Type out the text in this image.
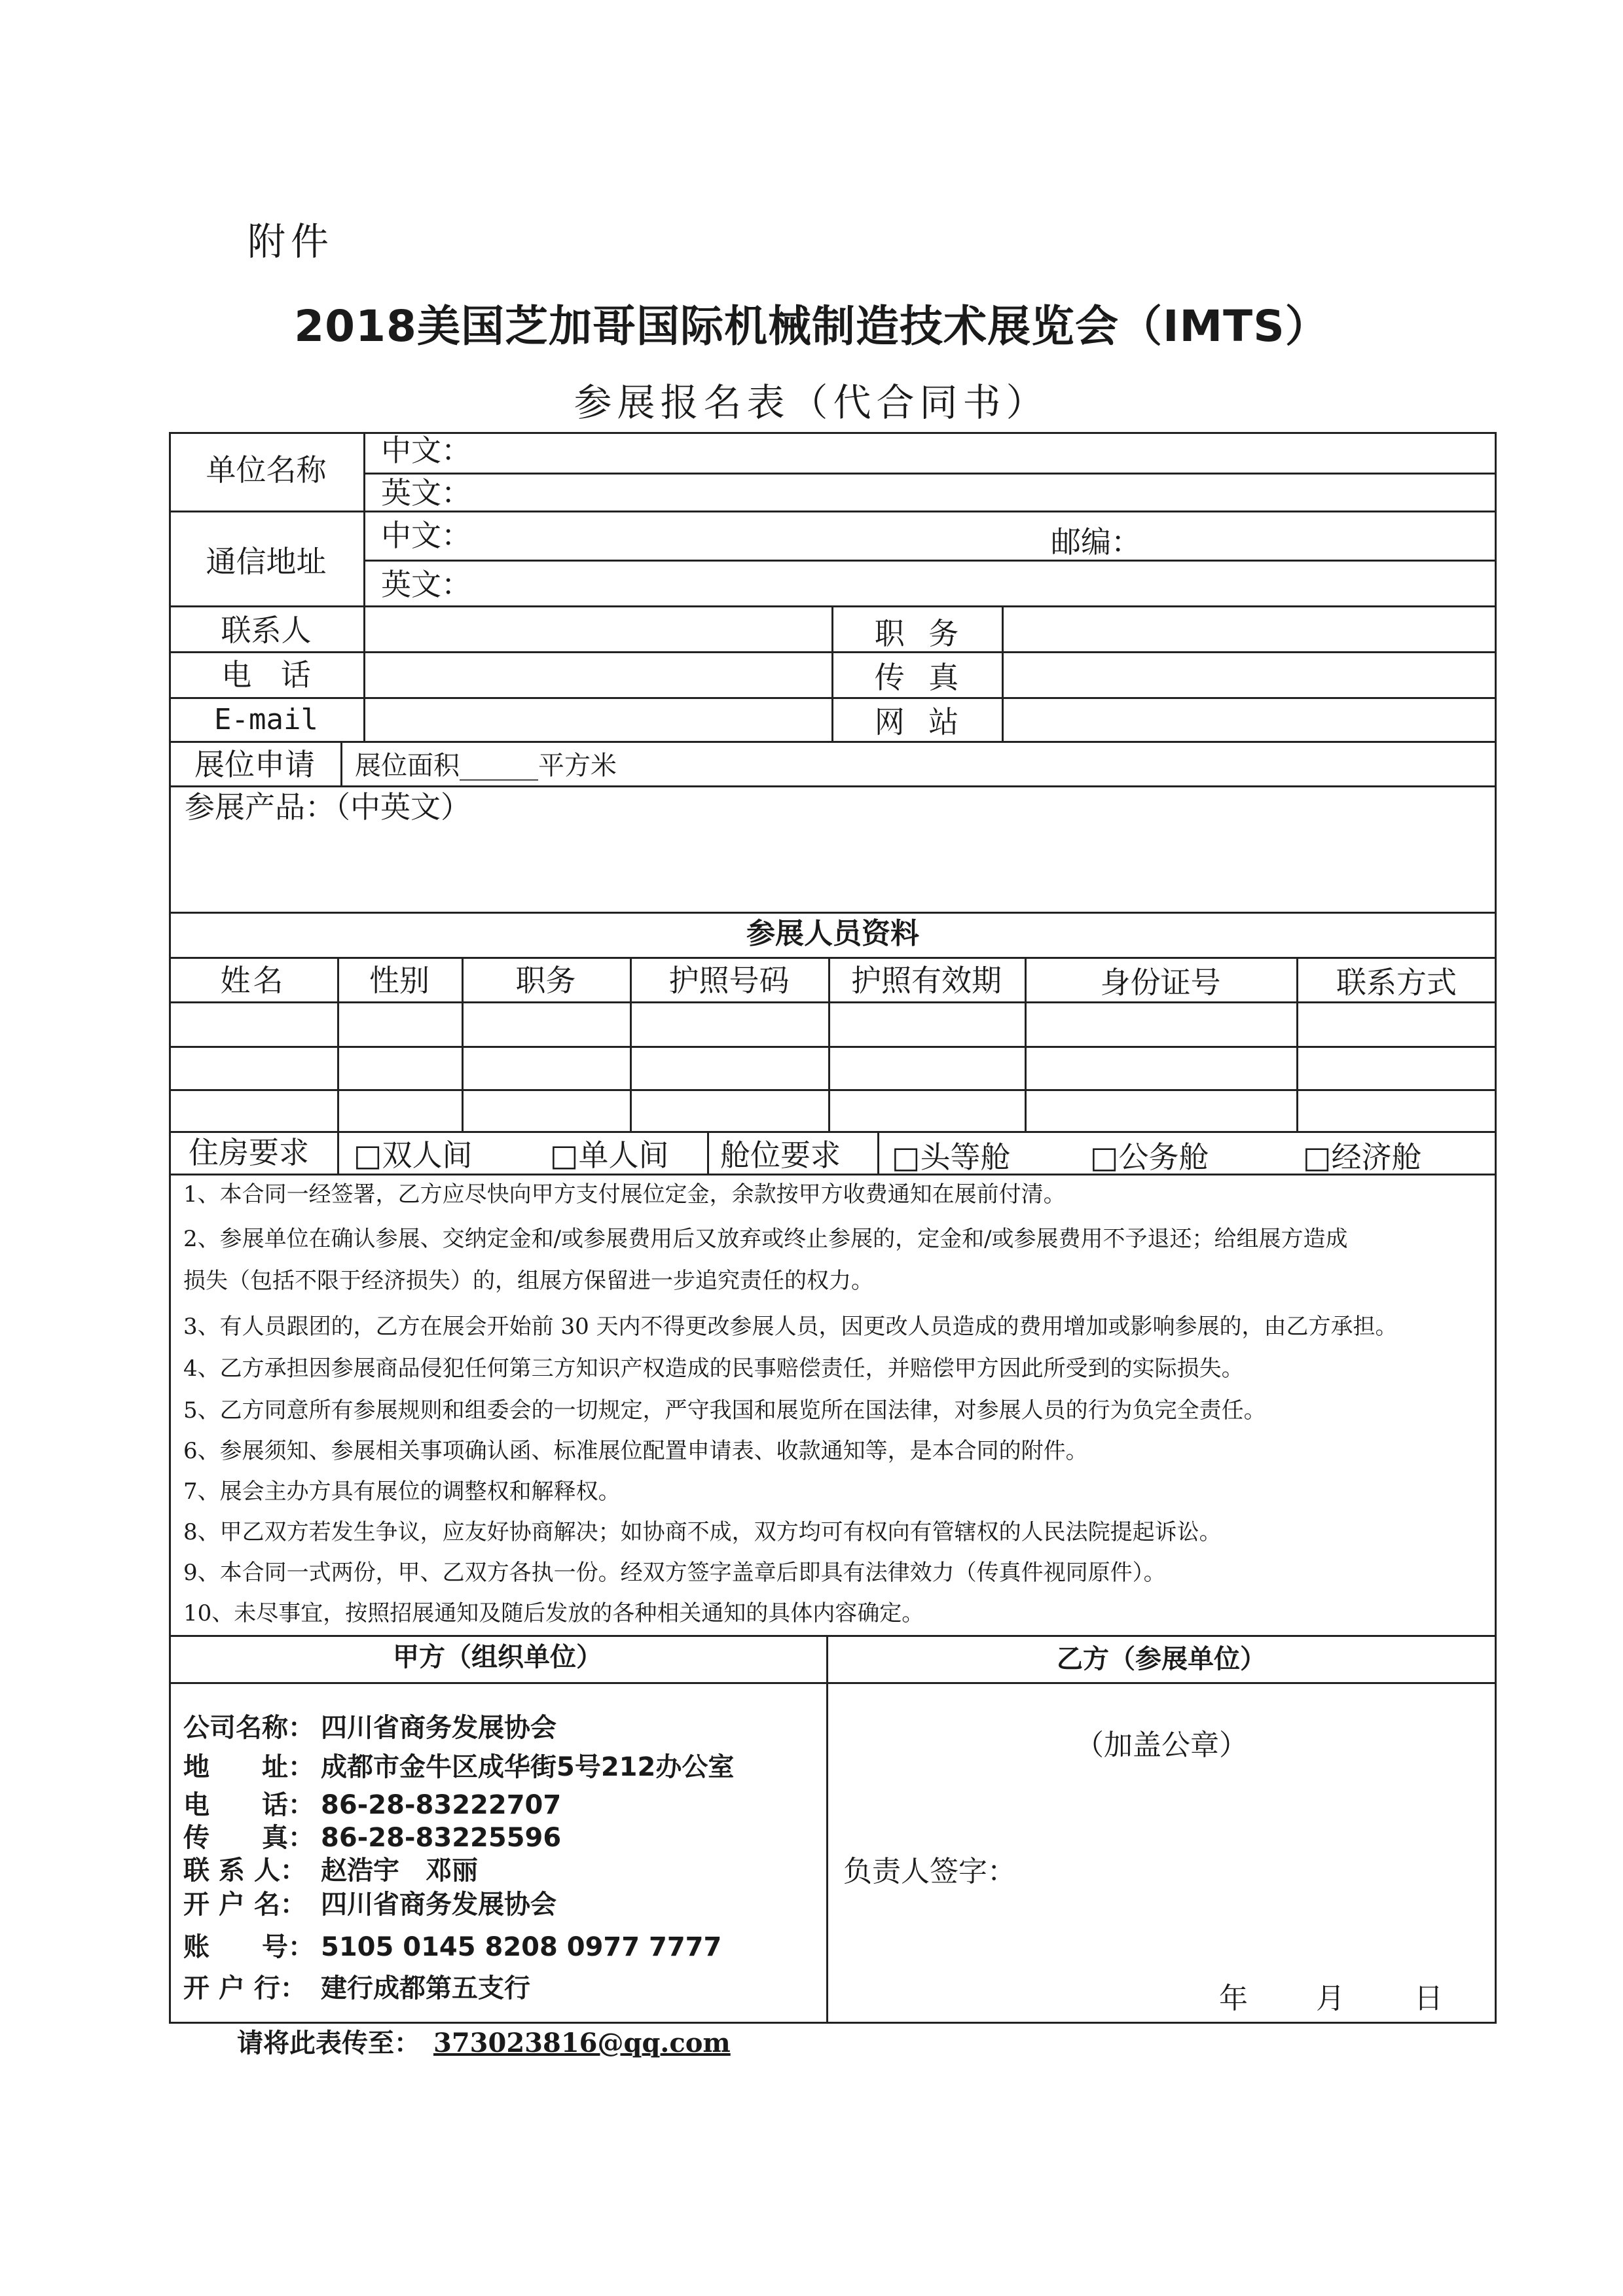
附件
2018美国芝加哥国际机械制造技术展览会（IMTS）
参展报名表（代合同书）
单位名称
中文：
英文：
通信地址
中文：	邮编：
英文：
联系人	职 务
电 话	传 真
E-mail	网 站
展位申请	展位面积______平方米
参展产品：（中英文）
参展人员资料
姓名	性别	职务	护照号码	护照有效期	身份证号	联系方式
住房要求 □双人间	□单人间 舱位要求 □头等舱	□公务舱	□经济舱
1、本合同一经签署，乙方应尽快向甲方支付展位定金，余款按甲方收费通知在展前付清。
2、参展单位在确认参展、交纳定金和/或参展费用后又放弃或终止参展的，定金和/或参展费用不予退还；给组展方造成
损失（包括不限于经济损失）的，组展方保留进一步追究责任的权力。
3、有人员跟团的，乙方在展会开始前 30 天内不得更改参展人员，因更改人员造成的费用增加或影响参展的，由乙方承担。
4、乙方承担因参展商品侵犯任何第三方知识产权造成的民事赔偿责任，并赔偿甲方因此所受到的实际损失。
5、乙方同意所有参展规则和组委会的一切规定，严守我国和展览所在国法律，对参展人员的行为负完全责任。
6、参展须知、参展相关事项确认函、标准展位配置申请表、收款通知等，是本合同的附件。
7、展会主办方具有展位的调整权和解释权。
8、甲乙双方若发生争议，应友好协商解决；如协商不成，双方均可有权向有管辖权的人民法院提起诉讼。
9、本合同一式两份，甲、乙双方各执一份。经双方签字盖章后即具有法律效力（传真件视同原件）。
10、未尽事宜，按照招展通知及随后发放的各种相关通知的具体内容确定。
甲方（组织单位）	乙方（参展单位）
公司名称： 四川省商务发展协会
地　　址： 成都市金牛区成华街5号212办公室
电　　话： 86-28-83222707
传　　真： 86-28-83225596
联 系 人： 赵浩宇　邓丽
开 户 名： 四川省商务发展协会
账　　号： 5105 0145 8208 0977 7777
开 户 行： 建行成都第五支行
（加盖公章）
负责人签字：
年 月 日
请将此表传至： 373023816@qq.com
